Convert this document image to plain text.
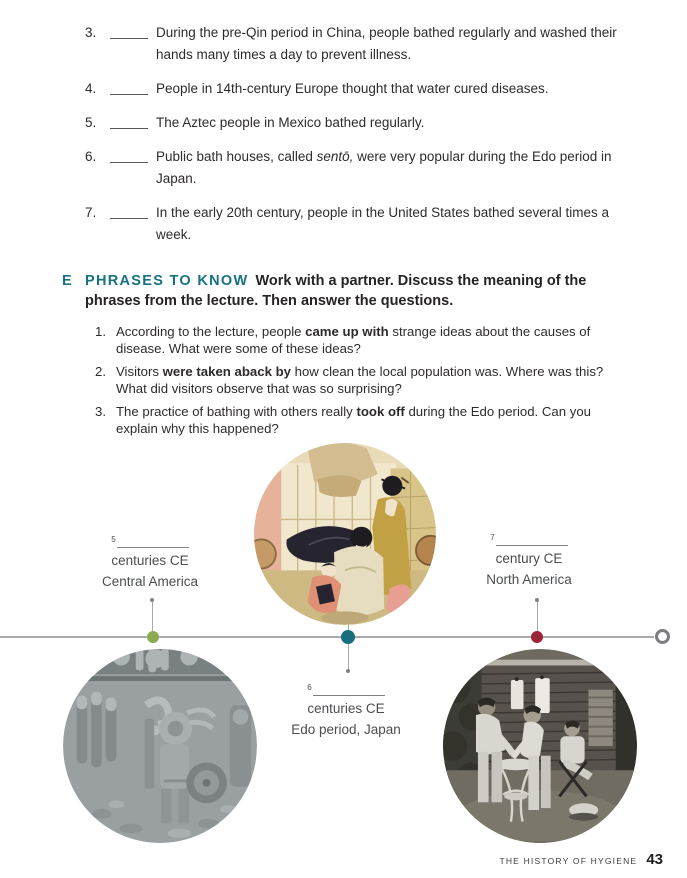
3.	During the pre-Qin period in China, people bathed regularly and washed their hands many times a day to prevent illness.
4.	People in 14th-century Europe thought that water cured diseases.
5.	The Aztec people in Mexico bathed regularly.
6.	Public bath houses, called sentō, were very popular during the Edo period in Japan.
7.	In the early 20th century, people in the United States bathed several times a week.
E PHRASES TO KNOW Work with a partner. Discuss the meaning of the phrases from the lecture. Then answer the questions.
1. According to the lecture, people came up with strange ideas about the causes of disease. What were some of these ideas?
2. Visitors were taken aback by how clean the local population was. Where was this? What did visitors observe that was so surprising?
3. The practice of bathing with others really took off during the Edo period. Can you explain why this happened?
$^5$
centuries CE
Central America
$^7$
century CE
North America
$^6$
centuries CE
Edo period, Japan
THE HISTORY OF HYGIENE 43
